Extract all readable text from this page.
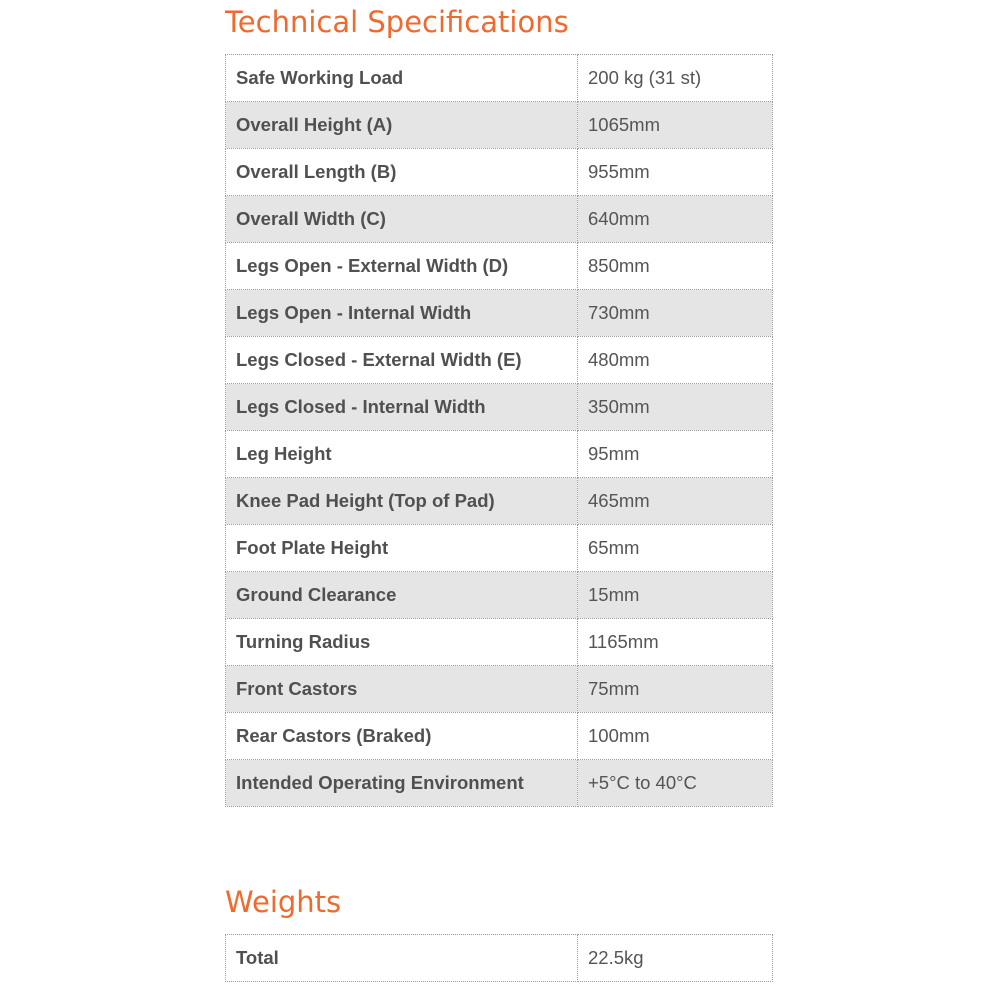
Technical Specifications
Safe Working Load	200 kg (31 st)
Overall Height (A)	1065mm
Overall Length (B)	955mm
Overall Width (C)	640mm
Legs Open - External Width (D)	850mm
Legs Open - Internal Width	730mm
Legs Closed - External Width (E)	480mm
Legs Closed - Internal Width	350mm
Leg Height	95mm
Knee Pad Height (Top of Pad)	465mm
Foot Plate Height	65mm
Ground Clearance	15mm
Turning Radius	1165mm
Front Castors	75mm
Rear Castors (Braked)	100mm
Intended Operating Environment	+5°C to 40°C
Weights
Total	22.5kg
